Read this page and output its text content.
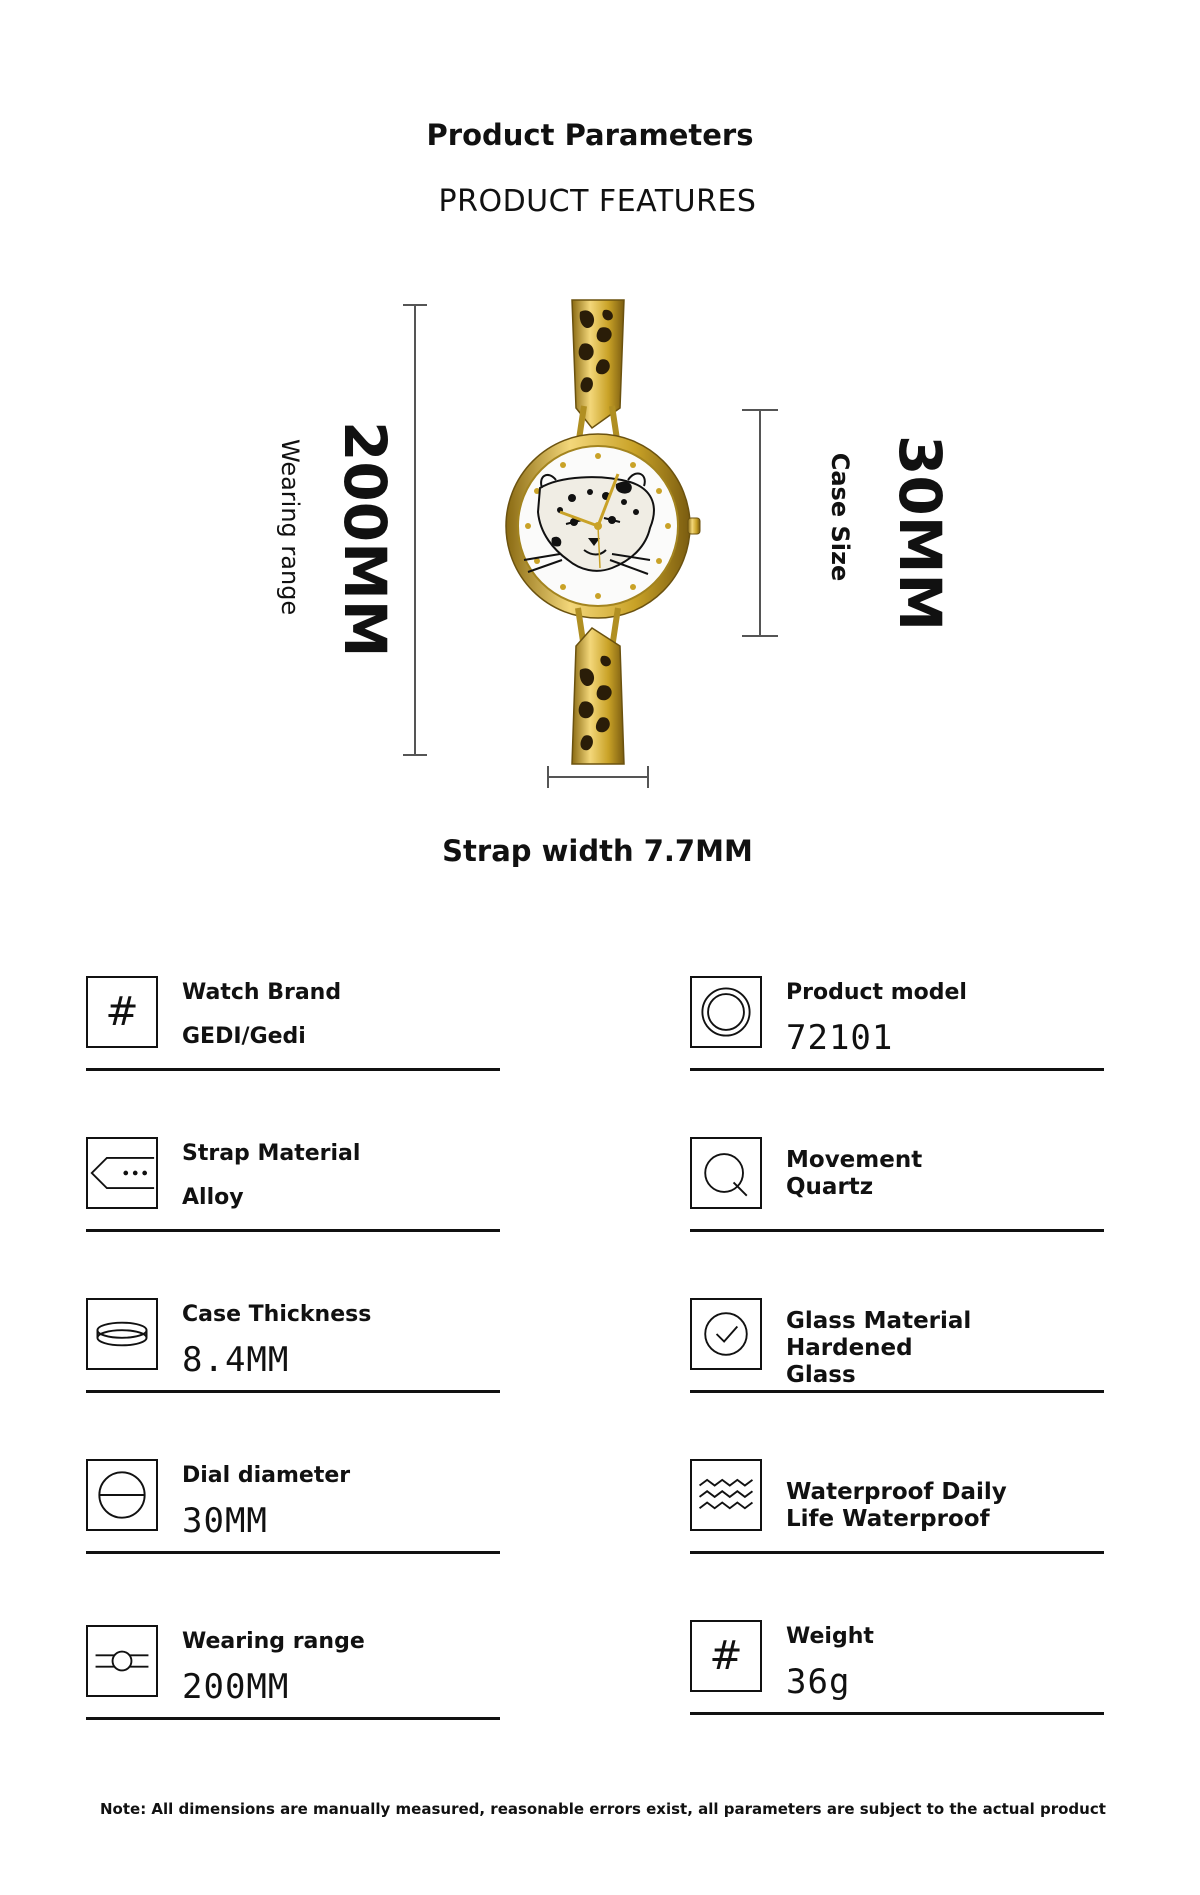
Product Parameters
PRODUCT FEATURES
200MM
Wearing range	Case Size 30MM
Strap width 7.7MM
# Watch Brand
GEDI/Gedi
Product model
72101
Strap Material
Alloy
Movement
Quartz
Case Thickness
8.4MM
Glass Material
Hardened
Glass
Dial diameter
30MM
Waterproof Daily
Life Waterproof
Wearing range
200MM
# Weight
36g
Note: All dimensions are manually measured, reasonable errors exist, all parameters are subject to the actual product
